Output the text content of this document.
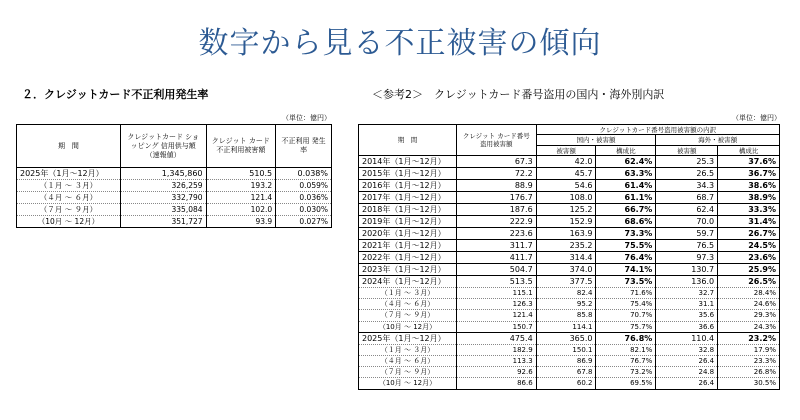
数字から見る不正被害の傾向
２．クレジットカード不正利用発生率
（単位：億円）
期　間	クレジットカード ショッピング 信用供与額 （速報値）	クレジット カード 不正利用被害額	不正利用 発生率
2025年（1月～12月）	1,345,860	510.5	0.038%
（１月 ～ ３月）	326,259	193.2	0.059%
（４月 ～ ６月）	332,790	121.4	0.036%
（７月 ～ ９月）	335,084	102.0	0.030%
（10月 ～ 12月）	351,727	93.9	0.027%
＜参考2＞　クレジットカード番号盗用の国内・海外別内訳
（単位：億円）
期　間	クレジット カード番号 盗用被害額	クレジットカード番号盗用被害額の内訳			
		国内・被害額		海外・被害額	
		被害額	構成比	被害額	構成比
2014年（1月～12月）	67.3	42.0	62.4%	25.3	37.6%
2015年（1月～12月）	72.2	45.7	63.3%	26.5	36.7%
2016年（1月～12月）	88.9	54.6	61.4%	34.3	38.6%
2017年（1月～12月）	176.7	108.0	61.1%	68.7	38.9%
2018年（1月～12月）	187.6	125.2	66.7%	62.4	33.3%
2019年（1月～12月）	222.9	152.9	68.6%	70.0	31.4%
2020年（1月～12月）	223.6	163.9	73.3%	59.7	26.7%
2021年（1月～12月）	311.7	235.2	75.5%	76.5	24.5%
2022年（1月～12月）	411.7	314.4	76.4%	97.3	23.6%
2023年（1月～12月）	504.7	374.0	74.1%	130.7	25.9%
2024年（1月～12月）	513.5	377.5	73.5%	136.0	26.5%
（１月 ～ ３月）	115.1	82.4	71.6%	32.7	28.4%
（４月 ～ ６月）	126.3	95.2	75.4%	31.1	24.6%
（７月 ～ ９月）	121.4	85.8	70.7%	35.6	29.3%
（10月 ～ 12月）	150.7	114.1	75.7%	36.6	24.3%
2025年（1月～12月）	475.4	365.0	76.8%	110.4	23.2%
（１月 ～ ３月）	182.9	150.1	82.1%	32.8	17.9%
（４月 ～ ６月）	113.3	86.9	76.7%	26.4	23.3%
（７月 ～ ９月）	92.6	67.8	73.2%	24.8	26.8%
（10月 ～ 12月）	86.6	60.2	69.5%	26.4	30.5%
